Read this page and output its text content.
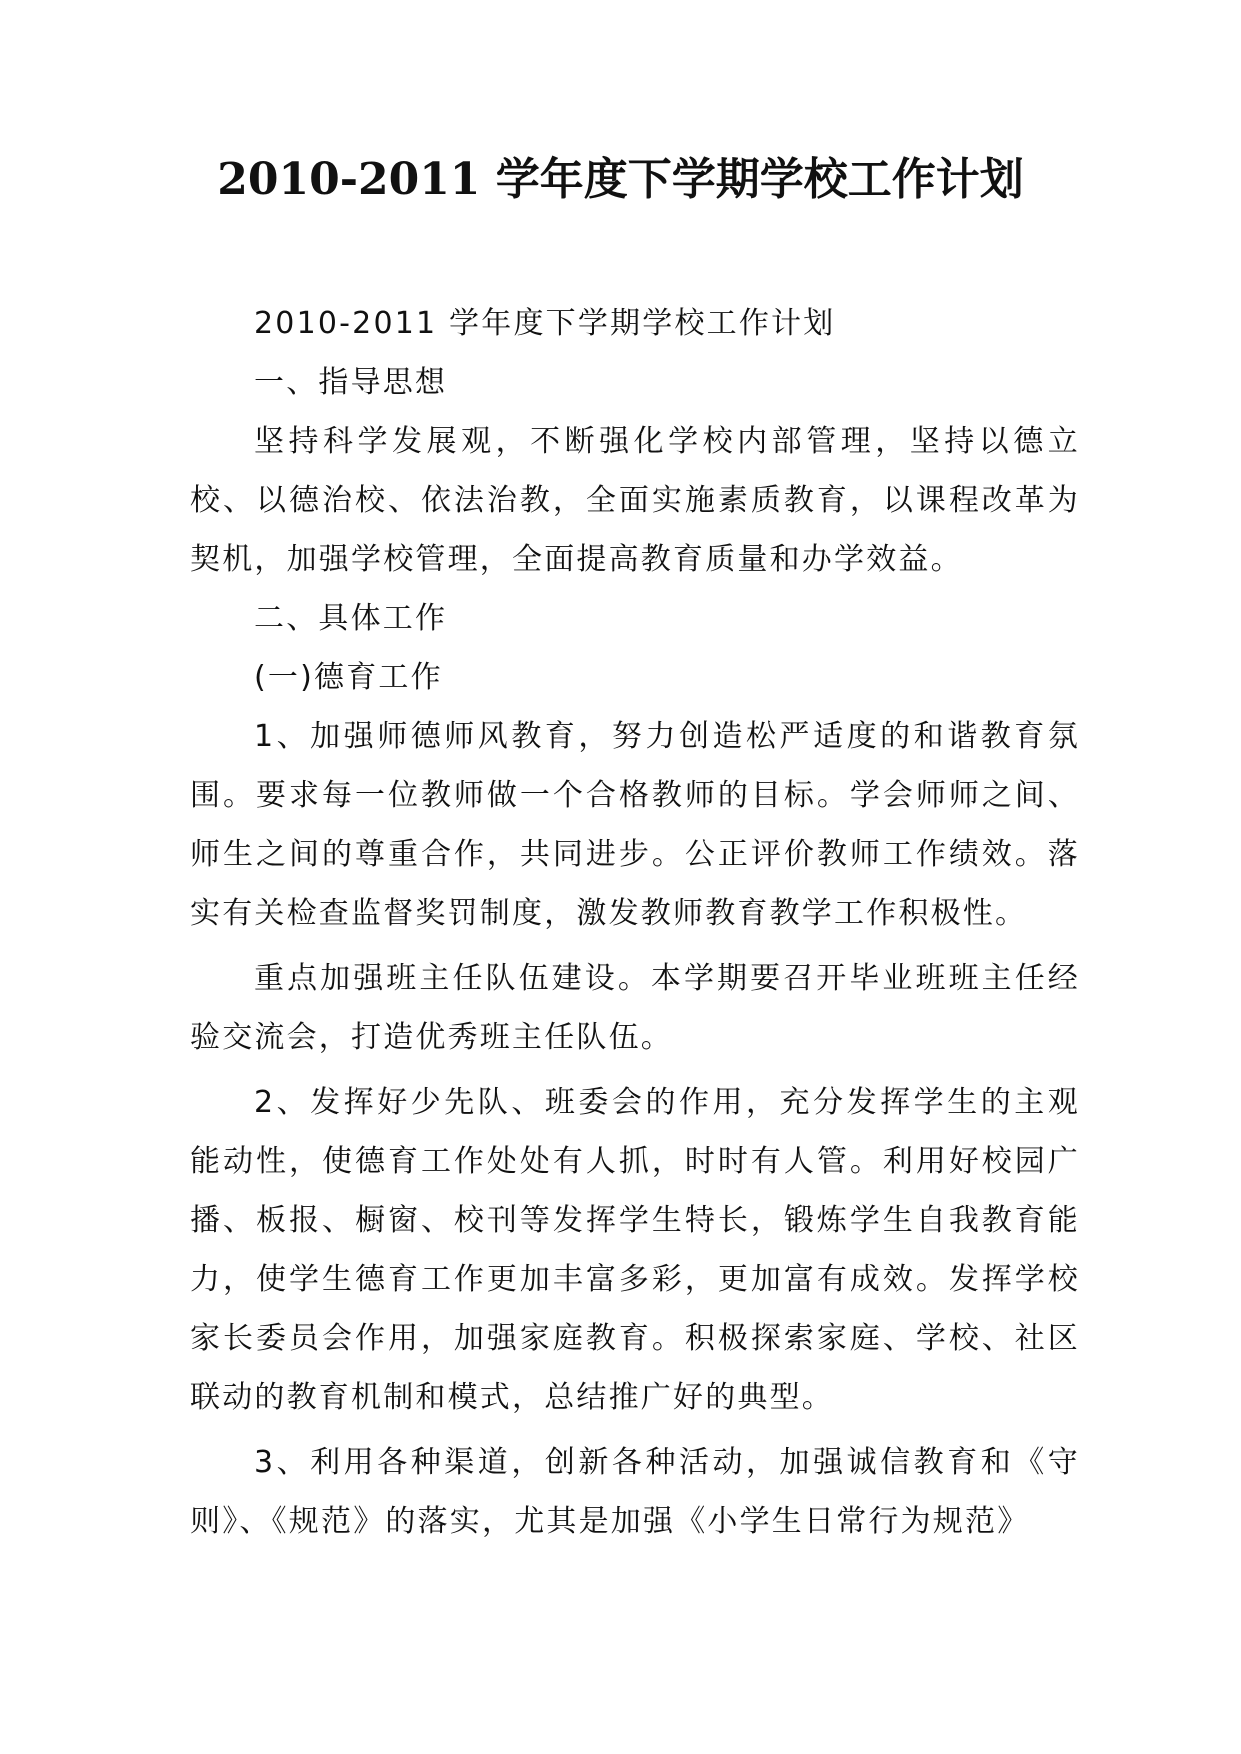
2010-2011 学年度下学期学校工作计划

2010-2011 学年度下学期学校工作计划

一、指导思想

坚持科学发展观，不断强化学校内部管理，坚持以德立校、以德治校、依法治教，全面实施素质教育，以课程改革为契机，加强学校管理，全面提高教育质量和办学效益。

二、具体工作

(一)德育工作

1、加强师德师风教育，努力创造松严适度的和谐教育氛围。要求每一位教师做一个合格教师的目标。学会师师之间、师生之间的尊重合作，共同进步。公正评价教师工作绩效。落实有关检查监督奖罚制度，激发教师教育教学工作积极性。

重点加强班主任队伍建设。本学期要召开毕业班班主任经验交流会，打造优秀班主任队伍。

2、发挥好少先队、班委会的作用，充分发挥学生的主观能动性，使德育工作处处有人抓，时时有人管。利用好校园广播、板报、橱窗、校刊等发挥学生特长，锻炼学生自我教育能力，使学生德育工作更加丰富多彩，更加富有成效。发挥学校家长委员会作用，加强家庭教育。积极探索家庭、学校、社区联动的教育机制和模式，总结推广好的典型。

3、利用各种渠道，创新各种活动，加强诚信教育和《守则》、《规范》的落实，尤其是加强《小学生日常行为规范》
